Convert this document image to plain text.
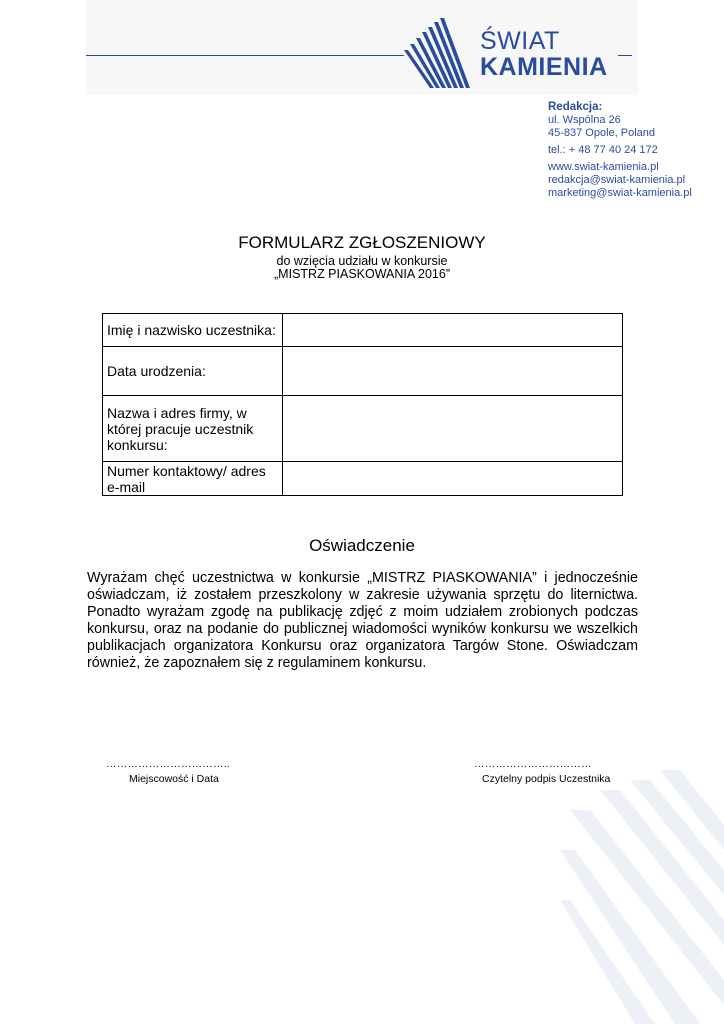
ŚWIAT
KAMIENIA
Redakcja:
ul. Wspólna 26
45-837 Opole, Poland
tel.: + 48 77 40 24 172
www.swiat-kamienia.pl
redakcja@swiat-kamienia.pl
marketing@swiat-kamienia.pl
FORMULARZ ZGŁOSZENIOWY
do wzięcia udziału w konkursie
„MISTRZ PIASKOWANIA 2016”
Imię i nazwisko uczestnika:	
Data urodzenia:	
Nazwa i adres firmy, w której pracuje uczestnik konkursu:	
Numer kontaktowy/ adres e-mail	
Oświadczenie

Wyrażam chęć uczestnictwa w konkursie „MISTRZ PIASKOWANIA” i jednocześnie oświadczam, iż zostałem przeszkolony w zakresie używania sprzętu do liternictwa. Ponadto wyrażam zgodę na publikację zdjęć z moim udziałem zrobionych podczas konkursu, oraz na podanie do publicznej wiadomości wyników konkursu we wszelkich publikacjach organizatora Konkursu oraz organizatora Targów Stone. Oświadczam również, że zapoznałem się z regulaminem konkursu.

……………………………..
Miejscowość i Data
……………………………
Czytelny podpis Uczestnika
